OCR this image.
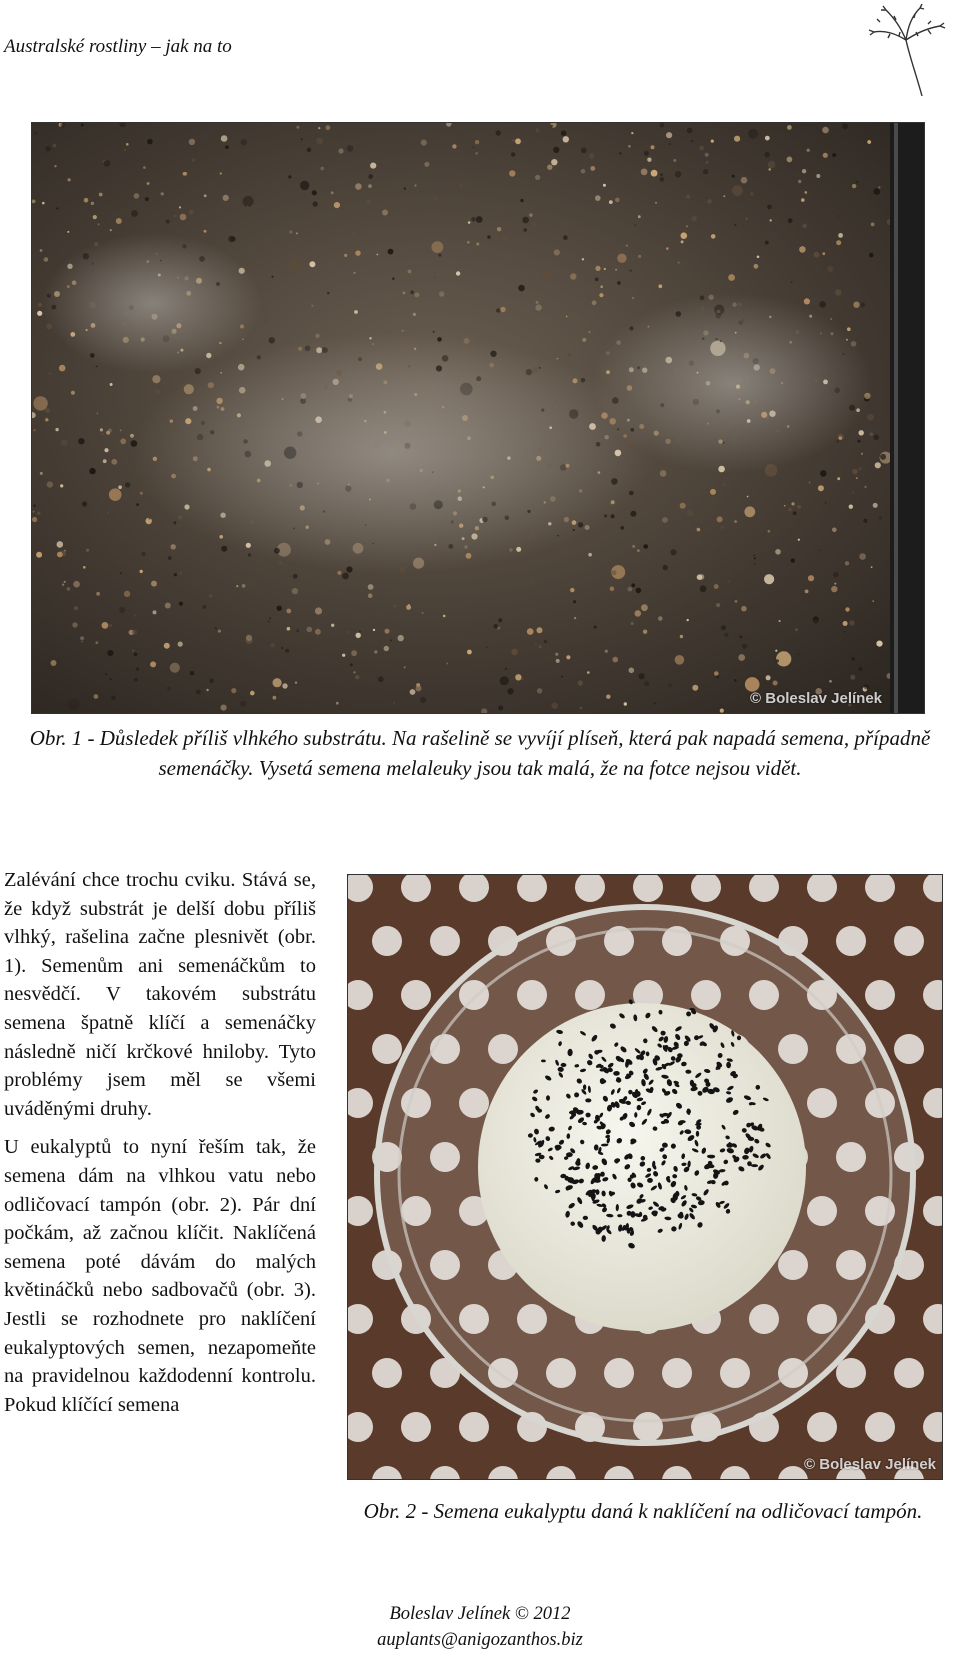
Australské rostliny – jak na to
© Boleslav Jelínek
Obr. 1 - Důsledek příliš vlhkého substrátu. Na rašelině se vyvíjí plíseň, která pak napadá semena, případně semenáčky. Vysetá semena melaleuky jsou tak malá, že na fotce nejsou vidět.

Zalévání chce trochu cviku. Stává se, že když substrát je delší dobu příliš vlhký, rašelina začne plesnivět (obr. 1). Semenům ani semenáčkům to nesvědčí. V takovém substrátu semena špatně klíčí a semenáčky následně ničí krčkové hniloby. Tyto problémy jsem měl se všemi uváděnými druhy.

U eukalyptů to nyní řeším tak, že semena dám na vlhkou vatu nebo odličovací tampón (obr. 2). Pár dní počkám, až začnou klíčit. Naklíčená semena poté dávám do malých květináčků nebo sadbovačů (obr. 3). Jestli se rozhodnete pro naklíčení eukalyptových semen, nezapomeňte na pravidelnou každodenní kontrolu. Pokud klíčící semena

© Boleslav Jelínek
Obr. 2 - Semena eukalyptu daná k naklíčení na odličovací tampón.
Boleslav Jelínek © 2012
auplants@anigozanthos.biz
